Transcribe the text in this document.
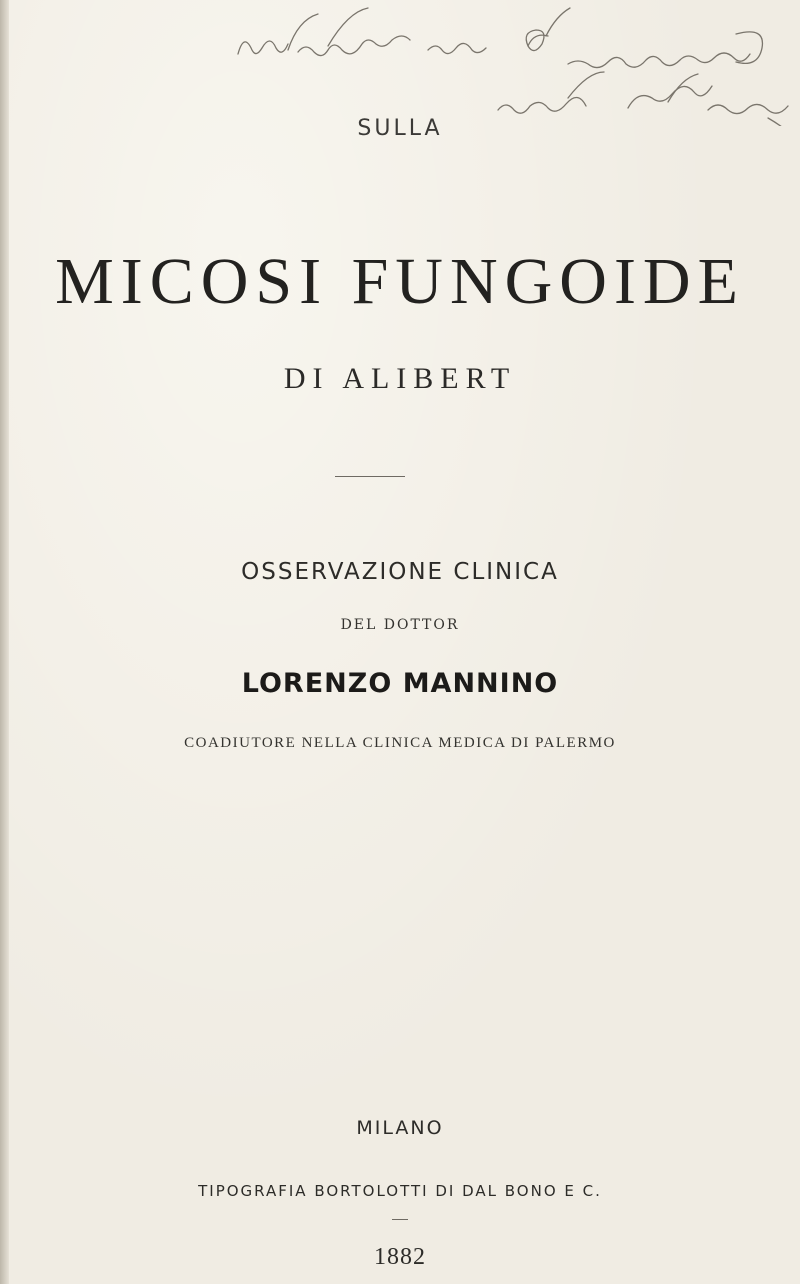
SULLA
MICOSI FUNGOIDE
DI ALIBERT
OSSERVAZIONE CLINICA
DEL DOTTOR
LORENZO MANNINO
COADIUTORE NELLA CLINICA MEDICA DI PALERMO
MILANO
TIPOGRAFIA BORTOLOTTI DI DAL BONO E C.
1882
